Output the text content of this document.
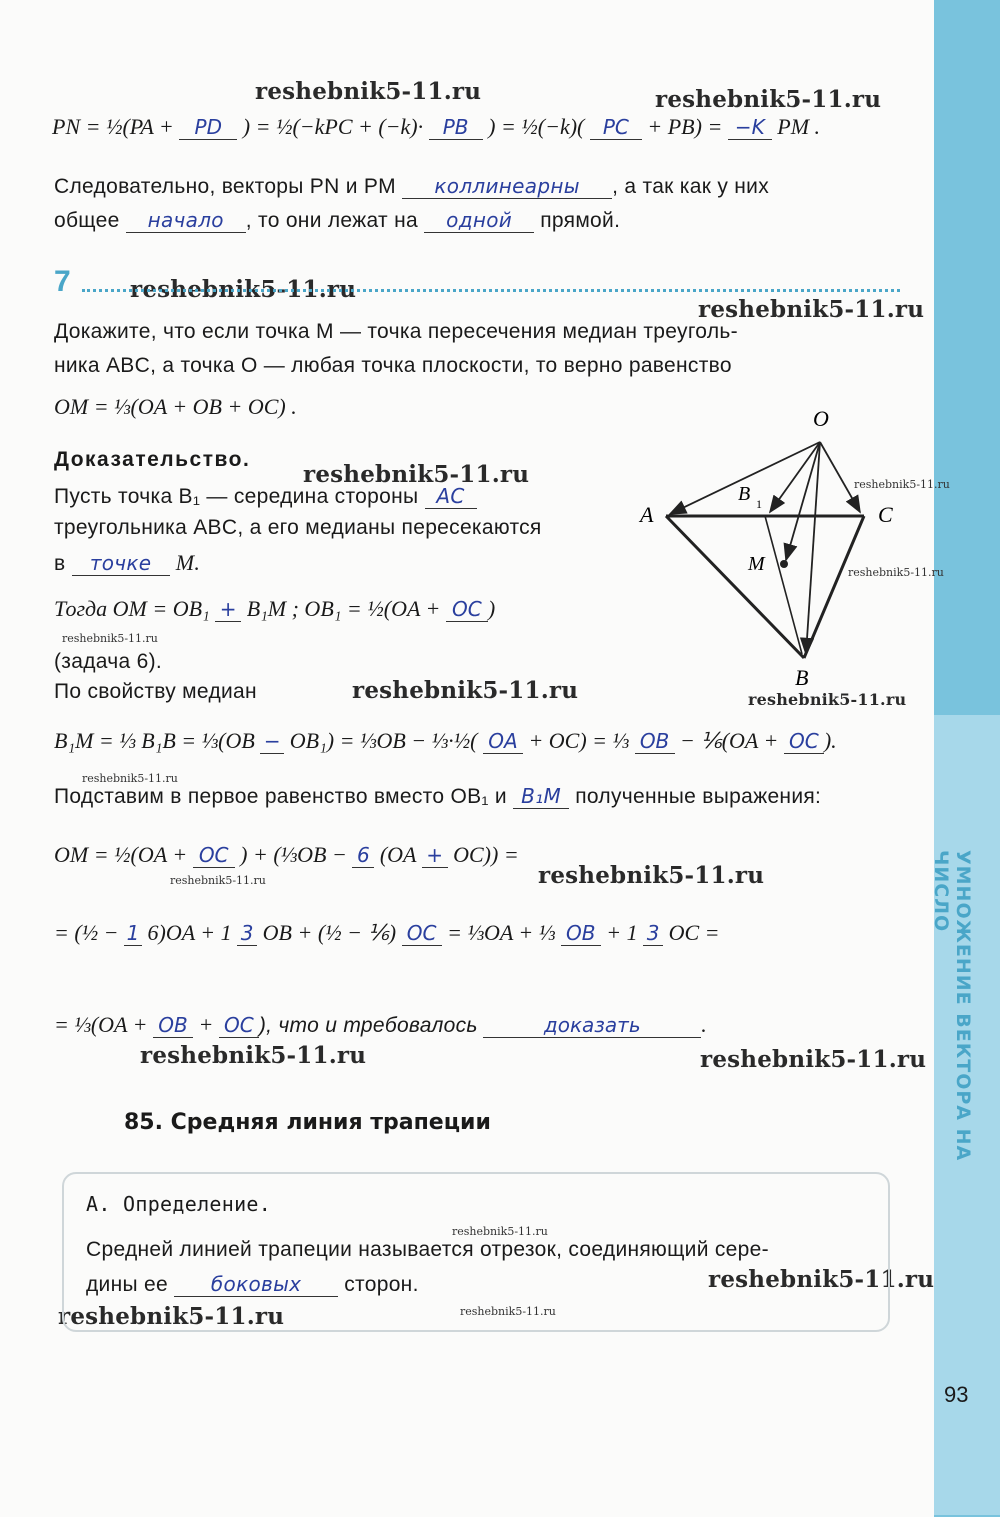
УМНОЖЕНИЕ ВЕКТОРА НА ЧИСЛО
93
reshebnik5-11.ru	reshebnik5-11.ru
reshebnik5-11.ru
reshebnik5-11.ru
reshebnik5-11.ru	reshebnik5-11.ru
reshebnik5-11.ru
reshebnik5-11.ru
reshebnik5-11.ru	reshebnik5-11.ru
reshebnik5-11.ru
reshebnik5-11.ru	reshebnik5-11.ru
reshebnik5-11.ru	reshebnik5-11.ru
reshebnik5-11.ru
reshebnik5-11.ru
reshebnik5-11.ru	reshebnik5-11.ru
PN = ½(PA + PD ) = ½(−kPC + (−k)· PB ) = ½(−k)( PC + PB) = −K PM .
Следовательно, векторы PN и PM коллинеарны , а так как у них
общее начало , то они лежат на одной прямой.
7
Докажите, что если точка M — точка пересечения медиан треуголь-
ника ABC, а точка O — любая точка плоскости, то верно равенство
OM = ⅓(OA + OB + OC) .
Доказательство.
Пусть точка B₁ — середина стороны AC
треугольника ABC, а его медианы пересекаются
в точке M.
Тогда OM = OB₁ + B₁M ; OB₁ = ½(OA + OC )
(задача 6).
По свойству медиан
B₁M = ⅓ B₁B = ⅓(OB − OB₁) = ⅓OB − ⅓·½( OA + OC) = ⅓ OB − ⅙(OA + OC ).
Подставим в первое равенство вместо OB₁ и B₁M полученные выражения:
OM = ½(OA + OC ) + (⅓OB − 6 (OA + OC)) =
= (½ − 1 6)OA + 1 3 OB + (½ − ⅙) OC = ⅓OA + ⅓ OB + 1 3 OC =
= ⅓(OA + OB + OC ), что и требовалось	доказать	.
O
A	C
B
B 1
M
85. Средняя линия трапеции
А. Определение.
Средней линией трапеции называется отрезок, соединяющий сере-
дины ее боковых сторон.
